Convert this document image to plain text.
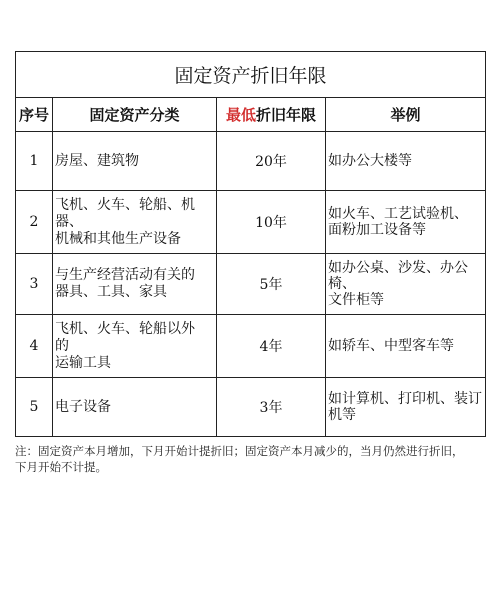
固定资产折旧年限			
序号	固定资产分类	最低折旧年限	举例
1	房屋、建筑物	20年	如办公大楼等

2	飞机、火车、轮船、机
器、
机械和其他生产设备	10年	如火车、工艺试验机、
面粉加工设备等

3	与生产经营活动有关的
器具、工具、家具	5年	如办公桌、沙发、办公椅、
文件柜等

4	飞机、火车、轮船以外
的
运输工具	4年	如轿车、中型客车等

5	电子设备	3年	如计算机、打印机、装订机等
注：固定资产本月增加，下月开始计提折旧；固定资产本月减少的，当月仍然进行折旧，
下月开始不计提。
